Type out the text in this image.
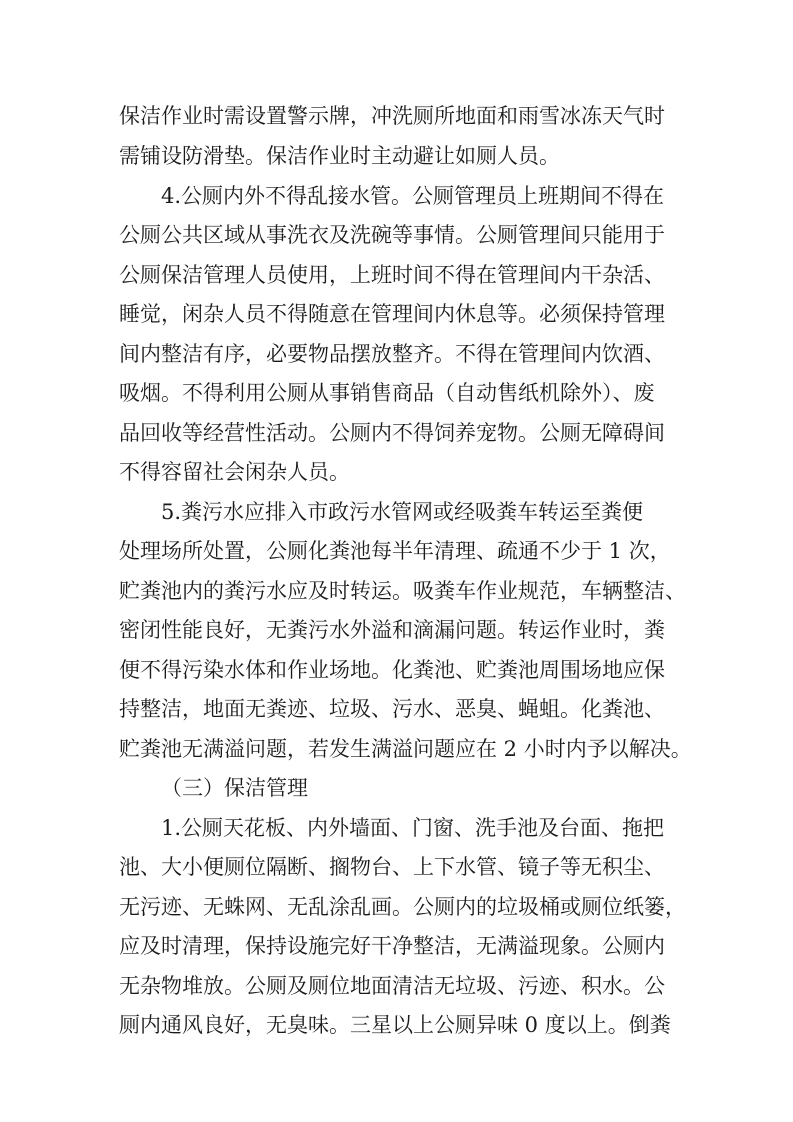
保洁作业时需设置警示牌，冲洗厕所地面和雨雪冰冻天气时
需铺设防滑垫。保洁作业时主动避让如厕人员。
4.公厕内外不得乱接水管。公厕管理员上班期间不得在
公厕公共区域从事洗衣及洗碗等事情。公厕管理间只能用于
公厕保洁管理人员使用，上班时间不得在管理间内干杂活、
睡觉，闲杂人员不得随意在管理间内休息等。必须保持管理
间内整洁有序，必要物品摆放整齐。不得在管理间内饮酒、
吸烟。不得利用公厕从事销售商品（自动售纸机除外）、废
品回收等经营性活动。公厕内不得饲养宠物。公厕无障碍间
不得容留社会闲杂人员。
5.粪污水应排入市政污水管网或经吸粪车转运至粪便
处理场所处置，公厕化粪池每半年清理、疏通不少于 1 次，
贮粪池内的粪污水应及时转运。吸粪车作业规范，车辆整洁、
密闭性能良好，无粪污水外溢和滴漏问题。转运作业时，粪
便不得污染水体和作业场地。化粪池、贮粪池周围场地应保
持整洁，地面无粪迹、垃圾、污水、恶臭、蝇蛆。化粪池、
贮粪池无满溢问题，若发生满溢问题应在 2 小时内予以解决。
（三）保洁管理
1.公厕天花板、内外墙面、门窗、洗手池及台面、拖把
池、大小便厕位隔断、搁物台、上下水管、镜子等无积尘、
无污迹、无蛛网、无乱涂乱画。公厕内的垃圾桶或厕位纸篓，
应及时清理，保持设施完好干净整洁，无满溢现象。公厕内
无杂物堆放。公厕及厕位地面清洁无垃圾、污迹、积水。公
厕内通风良好，无臭味。三星以上公厕异味 0 度以上。倒粪
